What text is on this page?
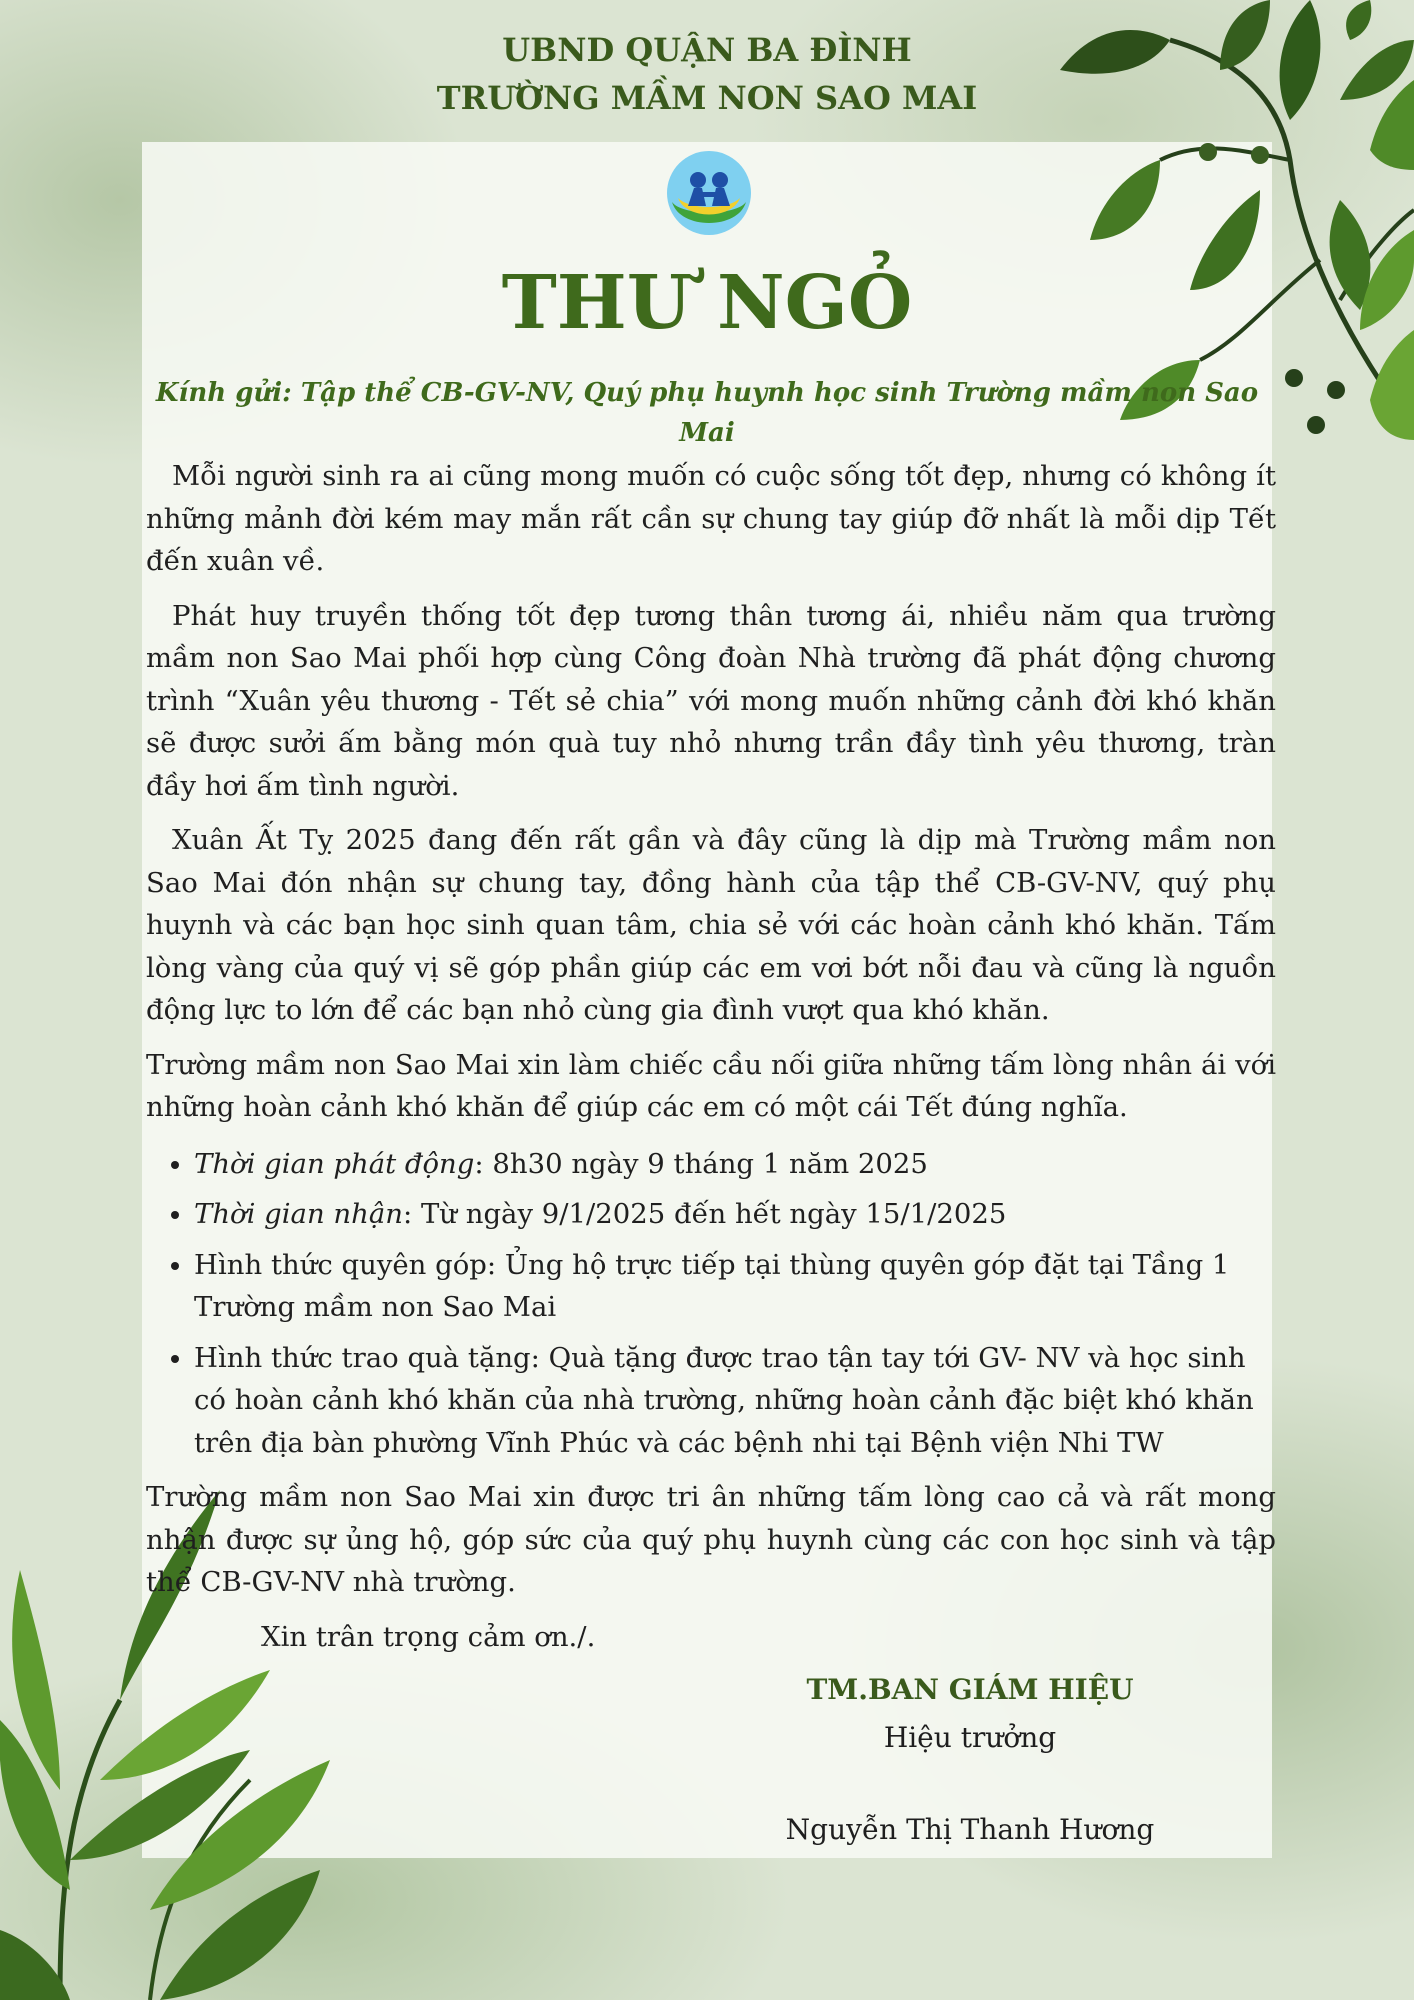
UBND QUẬN BA ĐÌNH
TRƯỜNG MẦM NON SAO MAI
THƯ NGỎ
Kính gửi: Tập thể CB-GV-NV, Quý phụ huynh học sinh Trường mầm non Sao Mai

Mỗi người sinh ra ai cũng mong muốn có cuộc sống tốt đẹp, nhưng có không ít những mảnh đời kém may mắn rất cần sự chung tay giúp đỡ nhất là mỗi dịp Tết đến xuân về.

Phát huy truyền thống tốt đẹp tương thân tương ái, nhiều năm qua trường mầm non Sao Mai phối hợp cùng Công đoàn Nhà trường đã phát động chương trình “Xuân yêu thương - Tết sẻ chia” với mong muốn những cảnh đời khó khăn sẽ được sưởi ấm bằng món quà tuy nhỏ nhưng trần đầy tình yêu thương, tràn đầy hơi ấm tình người.

Xuân Ất Tỵ 2025 đang đến rất gần và đây cũng là dịp mà Trường mầm non Sao Mai đón nhận sự chung tay, đồng hành của tập thể CB-GV-NV, quý phụ huynh và các bạn học sinh quan tâm, chia sẻ với các hoàn cảnh khó khăn. Tấm lòng vàng của quý vị sẽ góp phần giúp các em vơi bớt nỗi đau và cũng là nguồn động lực to lớn để các bạn nhỏ cùng gia đình vượt qua khó khăn.

Trường mầm non Sao Mai xin làm chiếc cầu nối giữa những tấm lòng nhân ái với những hoàn cảnh khó khăn để giúp các em có một cái Tết đúng nghĩa.

• Thời gian phát động: 8h30 ngày 9 tháng 1 năm 2025
• Thời gian nhận: Từ ngày 9/1/2025 đến hết ngày 15/1/2025
• Hình thức quyên góp: Ủng hộ trực tiếp tại thùng quyên góp đặt tại Tầng 1 Trường mầm non Sao Mai
• Hình thức trao quà tặng: Quà tặng được trao tận tay tới GV- NV và học sinh có hoàn cảnh khó khăn của nhà trường, những hoàn cảnh đặc biệt khó khăn trên địa bàn phường Vĩnh Phúc và các bệnh nhi tại Bệnh viện Nhi TW

Trường mầm non Sao Mai xin được tri ân những tấm lòng cao cả và rất mong nhận được sự ủng hộ, góp sức của quý phụ huynh cùng các con học sinh và tập thể CB-GV-NV nhà trường.

Xin trân trọng cảm ơn./.

TM.BAN GIÁM HIỆU
Hiệu trưởng
Nguyễn Thị Thanh Hương
